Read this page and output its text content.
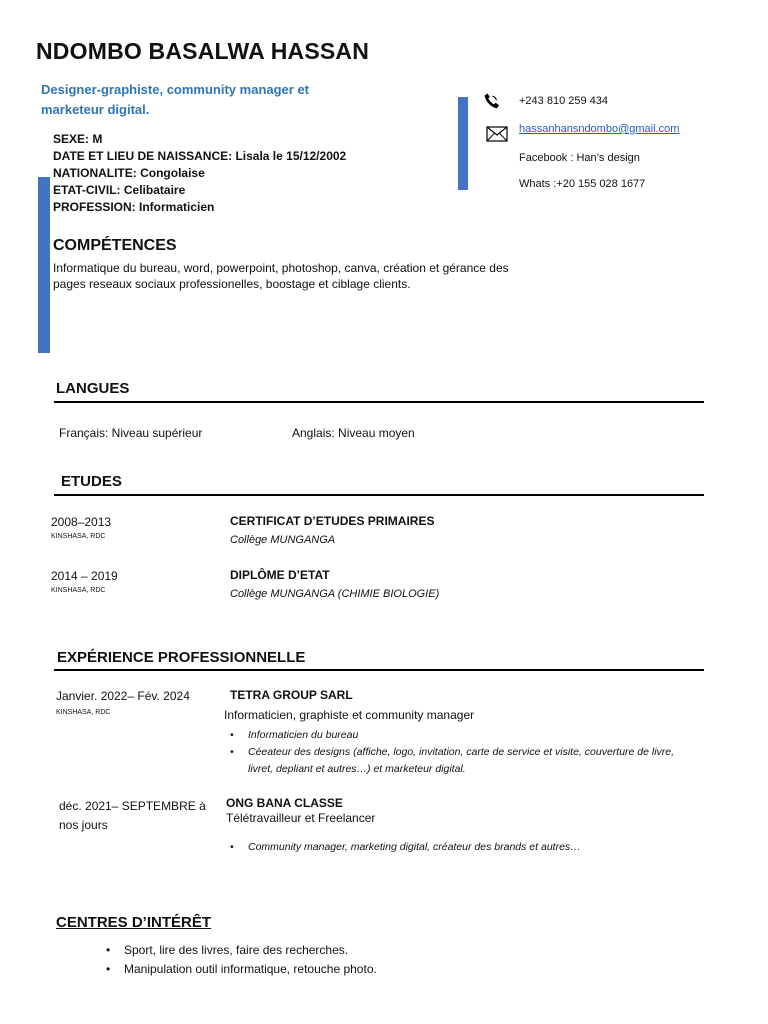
NDOMBO BASALWA HASSAN
Designer-graphiste, community manager et marketeur digital.
SEXE: M
DATE ET LIEU DE NAISSANCE: Lisala le 15/12/2002
NATIONALITE: Congolaise
ETAT-CIVIL: Celibataire
PROFESSION: Informaticien
+243 810 259 434
hassanhansndombo@gmail.com
Facebook : Han’s design
Whats :+20 155 028 1677
COMPÉTENCES
Informatique du bureau, word, powerpoint, photoshop, canva, création et gérance des pages reseaux sociaux professionelles, boostage et ciblage clients.
LANGUES
Français: Niveau supérieur	Anglais: Niveau moyen
ETUDES
2008–2013
KINSHASA, RDC
CERTIFICAT D’ETUDES PRIMAIRES
Collège MUNGANGA
2014 – 2019
KINSHASA, RDC
DIPLÔME D’ETAT
Collège MUNGANGA (CHIMIE BIOLOGIE)
EXPÉRIENCE PROFESSIONNELLE
Janvier. 2022– Fév. 2024
KINSHASA, RDC
TETRA GROUP SARL
Informaticien, graphiste et community manager
• Informaticien du bureau
• Céeateur des designs (affiche, logo, invitation, carte de service et visite, couverture de livre, livret, depliant et autres…) et marketeur digital.
déc. 2021– SEPTEMBRE à nos jours
ONG BANA CLASSE
Télétravailleur et Freelancer
• Community manager, marketing digital, créateur des brands et autres…
CENTRES D’INTÉRÊT
• Sport, lire des livres, faire des recherches.
• Manipulation outil informatique, retouche photo.
